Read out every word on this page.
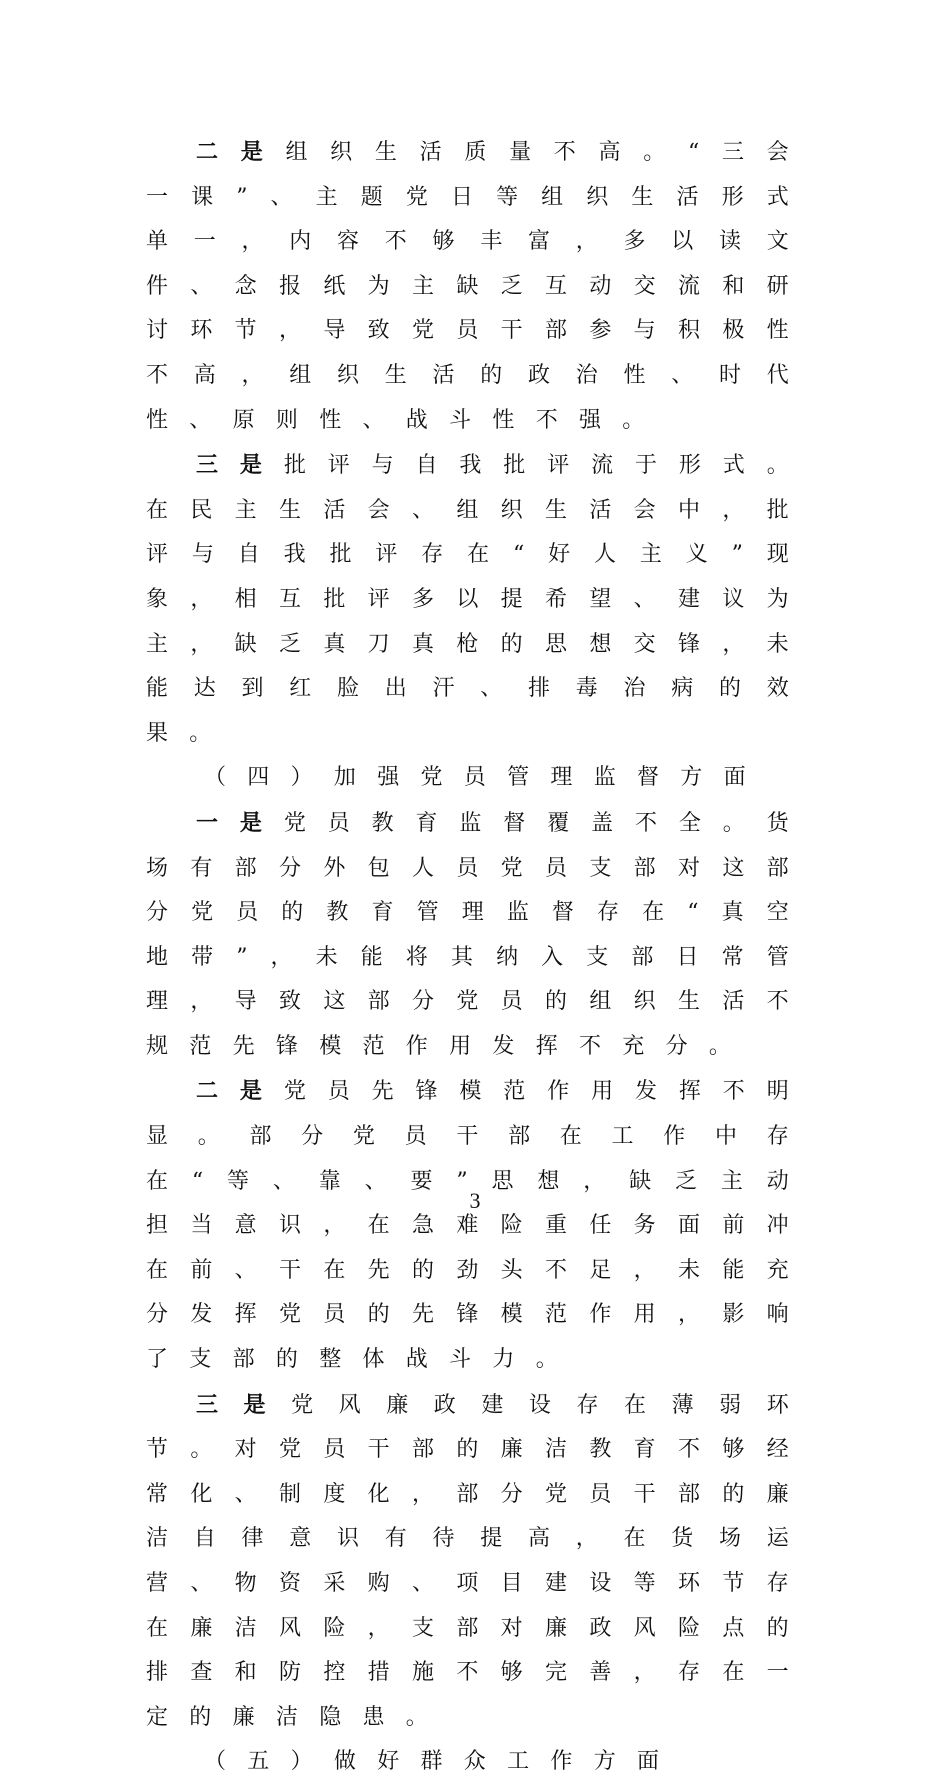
二是组织生活质量不高。“三会一课”、主题党日等组织生活形式单一，内容不够丰富，多以读文件、念报纸为主缺乏互动交流和研讨环节，导致党员干部参与积极性不高，组织生活的政治性、时代性、原则性、战斗性不强。

三是批评与自我批评流于形式。在民主生活会、组织生活会中，批评与自我批评存在“好人主义”现象，相互批评多以提希望、建议为主，缺乏真刀真枪的思想交锋，未能达到红脸出汗、排毒治病的效果。

（四）加强党员管理监督方面

一是党员教育监督覆盖不全。货场有部分外包人员党员支部对这部分党员的教育管理监督存在“真空地带”，未能将其纳入支部日常管理，导致这部分党员的组织生活不规范先锋模范作用发挥不充分。

二是党员先锋模范作用发挥不明显。部分党员干部在工作中存在“等、靠、要”思想，缺乏主动担当意识，在急难险重任务面前冲在前、干在先的劲头不足，未能充分发挥党员的先锋模范作用，影响了支部的整体战斗力。

三是党风廉政建设存在薄弱环节。对党员干部的廉洁教育不够经常化、制度化，部分党员干部的廉洁自律意识有待提高，在货场运营、物资采购、项目建设等环节存在廉洁风险，支部对廉政风险点的排查和防控措施不够完善，存在一定的廉洁隐患。

（五）做好群众工作方面

3
